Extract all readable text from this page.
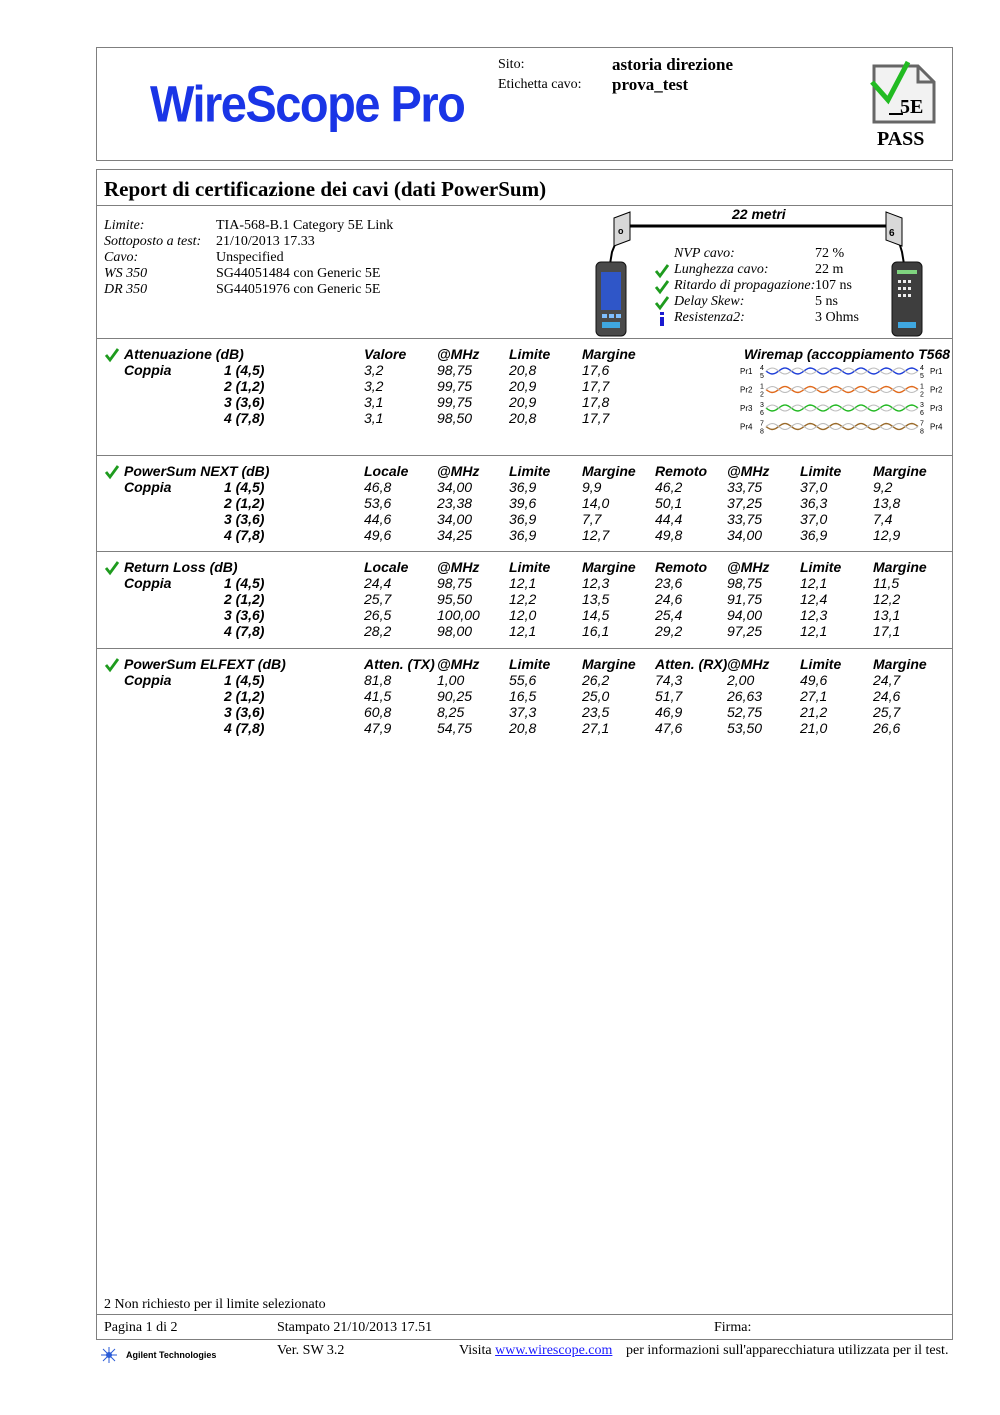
WireScope Pro
Sito:	astoria direzione
Etichetta cavo: prova_test
5E
PASS
Report di certificazione dei cavi (dati PowerSum)
Limite:	TIA-568-B.1 Category 5E Link
Sottoposto a test: 21/10/2013 17.33
Cavo:	Unspecified
WS 350	SG44051484 con Generic 5E
DR 350	SG44051976 con Generic 5E
22 metri
o	6
NVP cavo:	72 %
Lunghezza cavo:	22 m
Ritardo di propagazione: 107 ns
Delay Skew:	5 ns
Resistenza2:	3 Ohms
Attenuazione (dB)	Valore @MHz Limite Margine
Coppia	1 (4,5)	3,2	98,75	20,8	17,6
2 (1,2)	3,2	99,75	20,9	17,7
3 (3,6)	3,1	99,75	20,9	17,8
4 (7,8)	3,1	98,50	20,8	17,7
Wiremap (accoppiamento T568
Pr1 4
5
4
5
Pr1
Pr2 1
2
1
2
Pr2
Pr3 3
6
3
6
Pr3
Pr4 7
8
7
8
Pr4
PowerSum NEXT (dB)	Locale @MHz Limite Margine Remoto @MHz Limite Margine
Coppia	1 (4,5)	46,8	34,00	36,9	9,9	46,2	33,75	37,0	9,2
2 (1,2)	53,6	23,38	39,6	14,0	50,1	37,25	36,3	13,8
3 (3,6)	44,6	34,00	36,9	7,7	44,4	33,75	37,0	7,4
4 (7,8)	49,6	34,25	36,9	12,7	49,8	34,00	36,9	12,9
Return Loss (dB)	Locale @MHz Limite Margine Remoto @MHz Limite Margine
Coppia	1 (4,5)	24,4	98,75	12,1	12,3	23,6	98,75	12,1	11,5
2 (1,2)	25,7	95,50	12,2	13,5	24,6	91,75	12,4	12,2
3 (3,6)	26,5	100,00 12,0	14,5	25,4	94,00	12,3	13,1
4 (7,8)	28,2	98,00	12,1	16,1	29,2	97,25	12,1	17,1
PowerSum ELFEXT (dB)	Atten. (TX) @MHz Limite Margine Atten. (RX) @MHz Limite Margine
Coppia	1 (4,5)	81,8	1,00	55,6	26,2	74,3	2,00	49,6	24,7
2 (1,2)	41,5	90,25	16,5	25,0	51,7	26,63	27,1	24,6
3 (3,6)	60,8	8,25	37,3	23,5	46,9	52,75	21,2	25,7
4 (7,8)	47,9	54,75	20,8	27,1	47,6	53,50	21,0	26,6
2 Non richiesto per il limite selezionato
Pagina 1 di 2	Stampato 21/10/2013 17.51	Firma:
Agilent Technologies	Ver. SW 3.2	Visita www.wirescope.com per informazioni sull'apparecchiatura utilizzata per il test.
